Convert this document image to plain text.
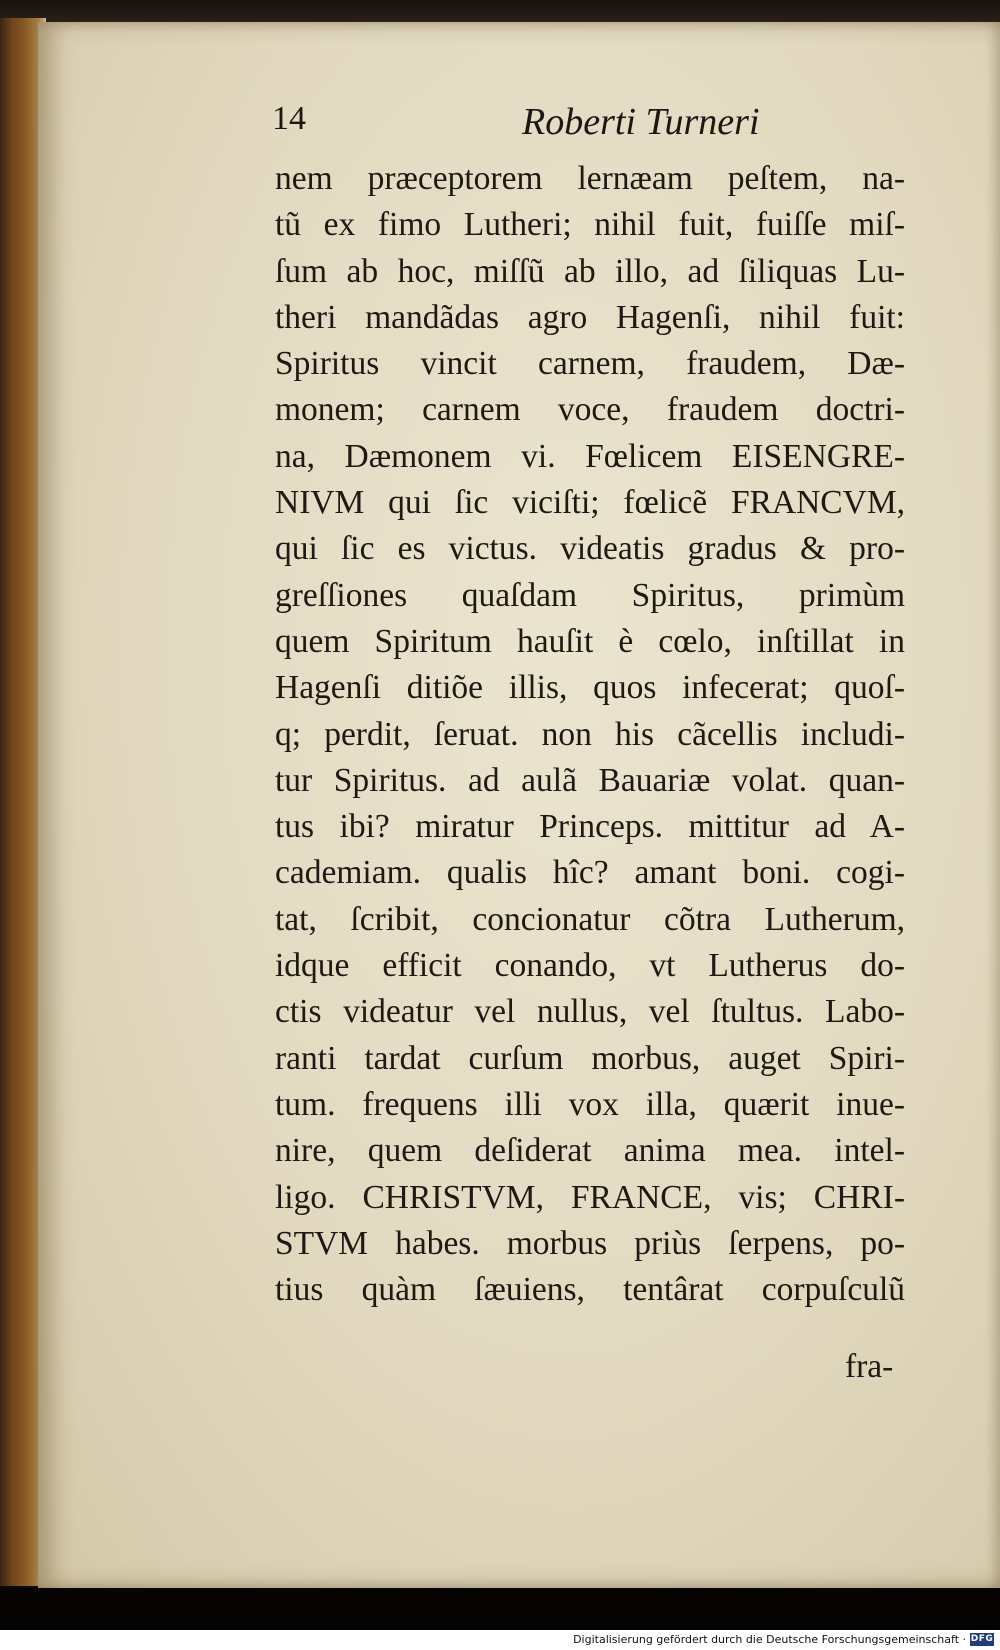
14	Roberti Turneri
nem præceptorem lernæam peſtem, na-
tũ ex fimo Lutheri; nihil fuit, fuiſſe miſ-
ſum ab hoc, miſſũ ab illo, ad ſiliquas Lu-
theri mandãdas agro Hagenſi, nihil fuit:
Spiritus vincit carnem, fraudem, Dæ-
monem; carnem voce, fraudem doctri-
na, Dæmonem vi. Fœlicem EISENGRE-
NIVM qui ſic viciſti; fœlicẽ FRANCVM,
qui ſic es victus. videatis gradus & pro-
greſſiones quaſdam Spiritus, primùm
quem Spiritum hauſit è cœlo, inſtillat in
Hagenſi ditiõe illis, quos infecerat; quoſ-
q; perdit, ſeruat. non his cãcellis includi-
tur Spiritus. ad aulã Bauariæ volat. quan-
tus ibi? miratur Princeps. mittitur ad A-
cademiam. qualis hîc? amant boni. cogi-
tat, ſcribit, concionatur cõtra Lutherum,
idque efficit conando, vt Lutherus do-
ctis videatur vel nullus, vel ſtultus. Labo-
ranti tardat curſum morbus, auget Spiri-
tum. frequens illi vox illa, quærit inue-
nire, quem deſiderat anima mea. intel-
ligo. CHRISTVM, FRANCE, vis; CHRI-
STVM habes. morbus priùs ſerpens, po-
tius quàm ſæuiens, tentârat corpuſculũ
fra-
Digitalisierung gefördert durch die Deutsche Forschungsgemeinschaft · DFG
